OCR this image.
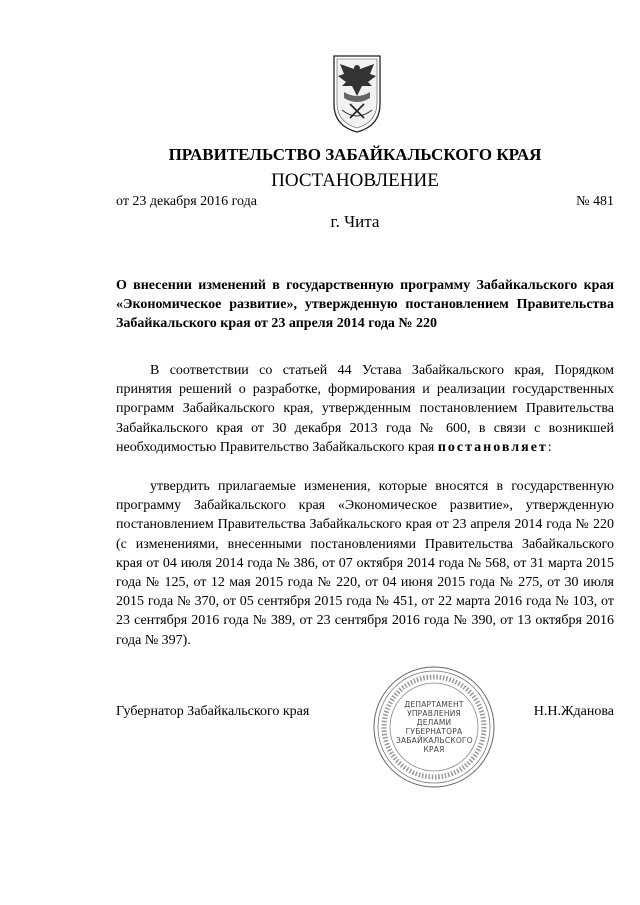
ПРАВИТЕЛЬСТВО ЗАБАЙКАЛЬСКОГО КРАЯ
ПОСТАНОВЛЕНИЕ
от 23 декабря 2016 года	№ 481
г. Чита
О внесении изменений в государственную программу Забайкальского края «Экономическое развитие», утвержденную постановлением Правительства Забайкальского края от 23 апреля 2014 года № 220
В соответствии со статьей 44 Устава Забайкальского края, Порядком принятия решений о разработке, формирования и реализации государственных программ Забайкальского края, утвержденным постановлением Правительства Забайкальского края от 30 декабря 2013 года № 600, в связи с возникшей необходимостью Правительство Забайкальского края постановляет:
утвердить прилагаемые изменения, которые вносятся в государственную программу Забайкальского края «Экономическое развитие», утвержденную постановлением Правительства Забайкальского края от 23 апреля 2014 года № 220 (с изменениями, внесенными постановлениями Правительства Забайкальского края от 04 июля 2014 года № 386, от 07 октября 2014 года № 568, от 31 марта 2015 года № 125, от 12 мая 2015 года № 220, от 04 июня 2015 года № 275, от 30 июля 2015 года № 370, от 05 сентября 2015 года № 451, от 22 марта 2016 года № 103, от 23 сентября 2016 года № 389, от 23 сентября 2016 года № 390, от 13 октября 2016 года № 397).
Губернатор Забайкальского края	Н.Н.Жданова
ДЕПАРТАМЕНТ
УПРАВЛЕНИЯ
ДЕЛАМИ
ГУБЕРНАТОРА
ЗАБАЙКАЛЬСКОГО
КРАЯ
